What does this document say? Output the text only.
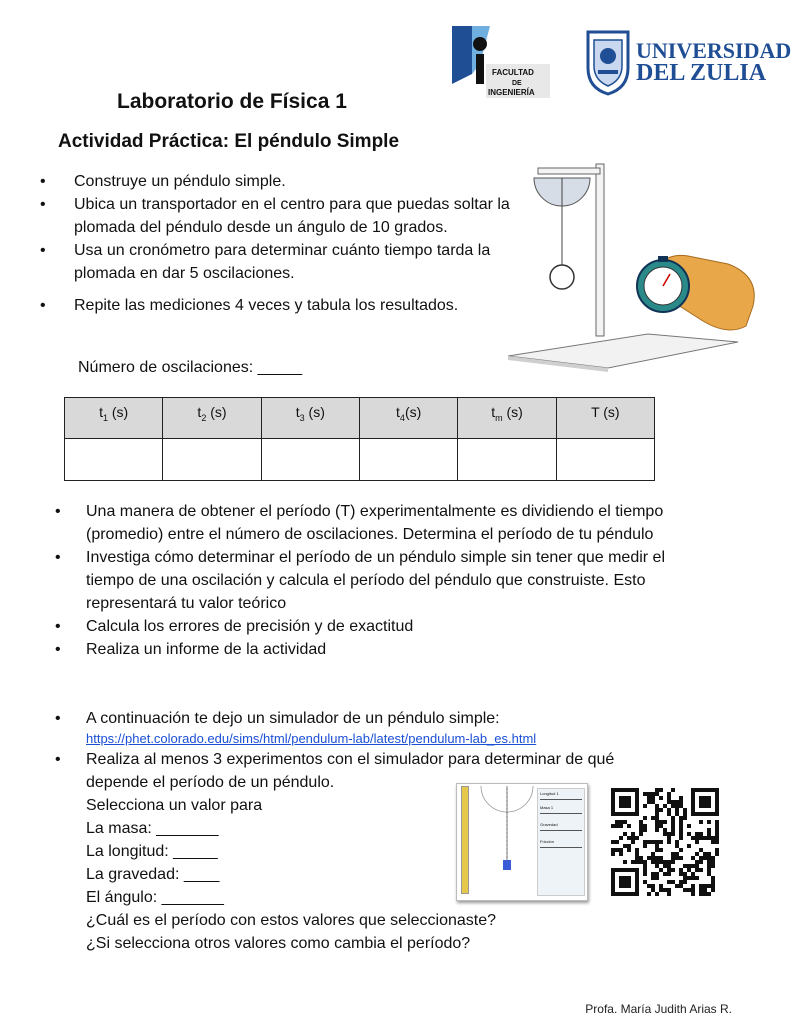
FACULTAD
DE
INGENIERÍA
UNIVERSIDAD
DEL ZULIA
Laboratorio de Física 1
Actividad Práctica: El péndulo Simple
• Construye un péndulo simple.
• Ubica un transportador en el centro para que puedas soltar la plomada del péndulo desde un ángulo de 10 grados.
• Usa un cronómetro para determinar cuánto tiempo tarda la plomada en dar 5 oscilaciones.
• Repite las mediciones 4 veces y tabula los resultados.
Número de oscilaciones: _____
$t_1$ (s)	$t_2$ (s)	$t_3$ (s)	$t_4(s)$	$t_m$ (s)	T (s)

• Una manera de obtener el período (T) experimentalmente es dividiendo el tiempo (promedio) entre el número de oscilaciones. Determina el período de tu péndulo
• Investiga cómo determinar el período de un péndulo simple sin tener que medir el tiempo de una oscilación y calcula el período del péndulo que construiste. Esto representará tu valor teórico
• Calcula los errores de precisión y de exactitud
• Realiza un informe de la actividad
• A continuación te dejo un simulador de un péndulo simple:
https://phet.colorado.edu/sims/html/pendulum-lab/latest/pendulum-lab_es.html
• Realiza al menos 3 experimentos con el simulador para determinar de qué depende el período de un péndulo.
Selecciona un valor para
La masa: _______
La longitud: _____
La gravedad: ____
El ángulo: _______
¿Cuál es el período con estos valores que seleccionaste?
¿Si selecciona otros valores como cambia el período?
Longitud 1
Masa 1
Gravedad
Fricción
Profa. María Judith Arias R.
